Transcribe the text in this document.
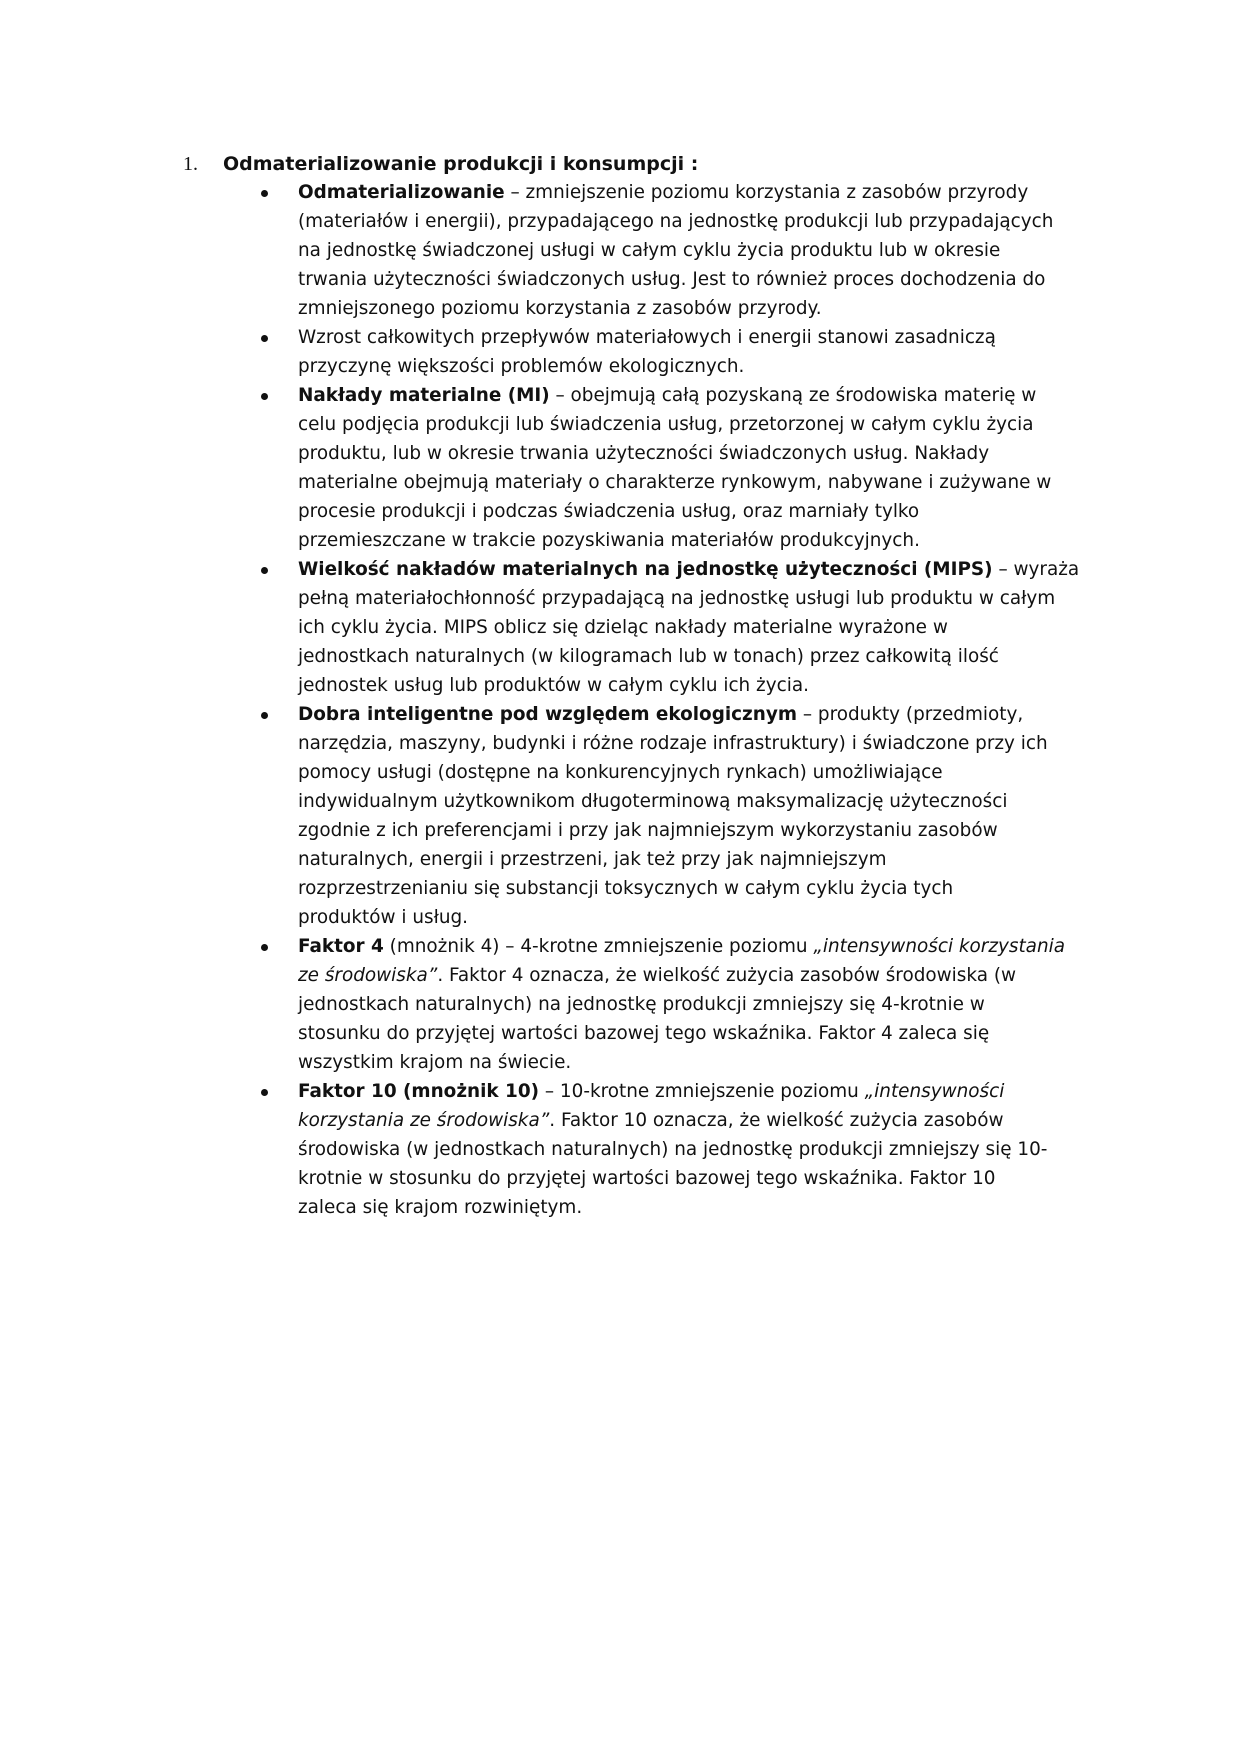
1. Odmaterializowanie produkcji i konsumpcji :
Odmaterializowanie – zmniejszenie poziomu korzystania z zasobów przyrody
(materiałów i energii), przypadającego na jednostkę produkcji lub przypadających
na jednostkę świadczonej usługi w całym cyklu życia produktu lub w okresie
trwania użyteczności świadczonych usług. Jest to również proces dochodzenia do
zmniejszonego poziomu korzystania z zasobów przyrody.
Wzrost całkowitych przepływów materiałowych i energii stanowi zasadniczą
przyczynę większości problemów ekologicznych.
Nakłady materialne (MI) – obejmują całą pozyskaną ze środowiska materię w
celu podjęcia produkcji lub świadczenia usług, przetorzonej w całym cyklu życia
produktu, lub w okresie trwania użyteczności świadczonych usług. Nakłady
materialne obejmują materiały o charakterze rynkowym, nabywane i zużywane w
procesie produkcji i podczas świadczenia usług, oraz marniały tylko
przemieszczane w trakcie pozyskiwania materiałów produkcyjnych.
Wielkość nakładów materialnych na jednostkę użyteczności (MIPS) – wyraża
pełną materiałochłonność przypadającą na jednostkę usługi lub produktu w całym
ich cyklu życia. MIPS oblicz się dzieląc nakłady materialne wyrażone w
jednostkach naturalnych (w kilogramach lub w tonach) przez całkowitą ilość
jednostek usług lub produktów w całym cyklu ich życia.
Dobra inteligentne pod względem ekologicznym – produkty (przedmioty,
narzędzia, maszyny, budynki i różne rodzaje infrastruktury) i świadczone przy ich
pomocy usługi (dostępne na konkurencyjnych rynkach) umożliwiające
indywidualnym użytkownikom długoterminową maksymalizację użyteczności
zgodnie z ich preferencjami i przy jak najmniejszym wykorzystaniu zasobów
naturalnych, energii i przestrzeni, jak też przy jak najmniejszym
rozprzestrzenianiu się substancji toksycznych w całym cyklu życia tych
produktów i usług.
Faktor 4 (mnożnik 4) – 4-krotne zmniejszenie poziomu „intensywności korzystania
ze środowiska”. Faktor 4 oznacza, że wielkość zużycia zasobów środowiska (w
jednostkach naturalnych) na jednostkę produkcji zmniejszy się 4-krotnie w
stosunku do przyjętej wartości bazowej tego wskaźnika. Faktor 4 zaleca się
wszystkim krajom na świecie.
Faktor 10 (mnożnik 10) – 10-krotne zmniejszenie poziomu „intensywności
korzystania ze środowiska”. Faktor 10 oznacza, że wielkość zużycia zasobów
środowiska (w jednostkach naturalnych) na jednostkę produkcji zmniejszy się 10-
krotnie w stosunku do przyjętej wartości bazowej tego wskaźnika. Faktor 10
zaleca się krajom rozwiniętym.
